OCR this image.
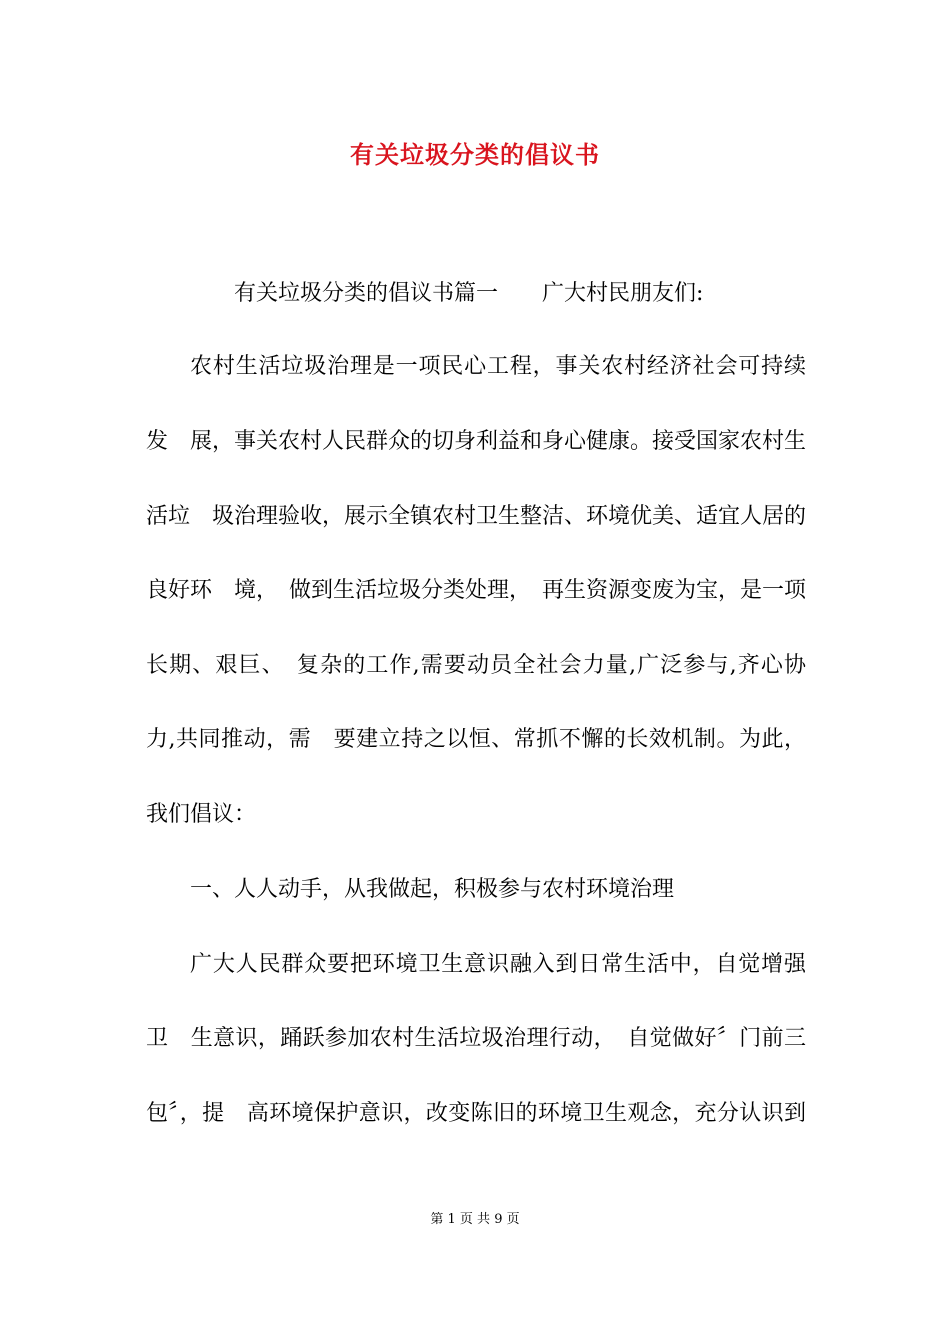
有关垃圾分类的倡议书
有关垃圾分类的倡议书篇一　　广大村民朋友们:
农村生活垃圾治理是一项民心工程，事关农村经济社会可持续
发　展，事关农村人民群众的切身利益和身心健康。接受国家农村生
活垃　圾治理验收，展示全镇农村卫生整洁、环境优美、适宜人居的
良好环　境，　做到生活垃圾分类处理，　再生资源变废为宝，是一项
长期、艰巨、　复杂的工作,需要动员全社会力量,广泛参与,齐心协
力,共同推动，需　要建立持之以恒、常抓不懈的长效机制。为此，
我们倡议：
一、人人动手，从我做起，积极参与农村环境治理
广大人民群众要把环境卫生意识融入到日常生活中，自觉增强
卫　生意识，踊跃参加农村生活垃圾治理行动，　自觉做好〞门前三
包〞，提　高环境保护意识，改变陈旧的环境卫生观念，充分认识到
第 1 页 共 9 页
